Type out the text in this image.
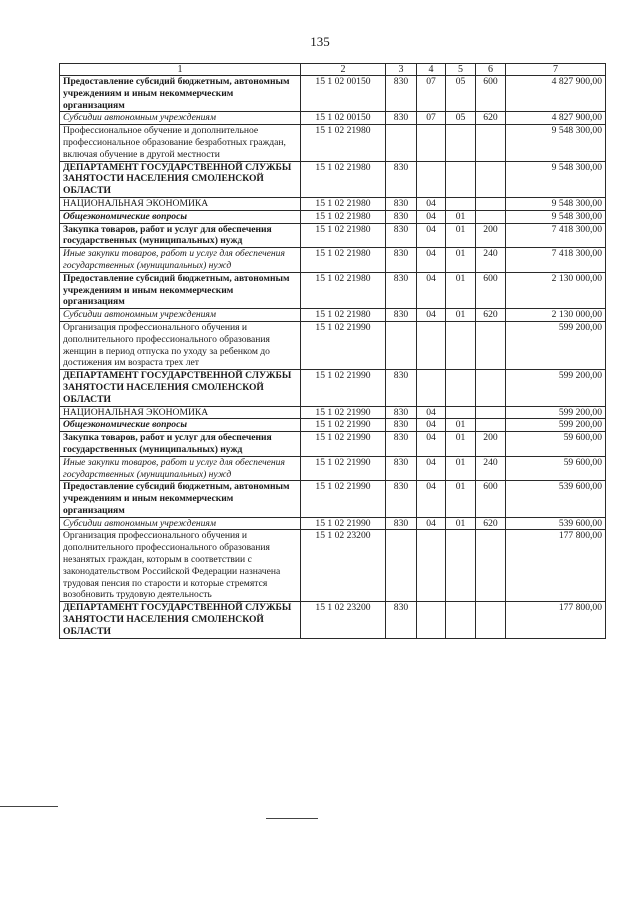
135
1	2	3	4	5	6	7
Предоставление субсидий бюджетным, автономным учреждениям и иным некоммерческим организациям	15 1 02 00150	830	07	05	600	4 827 900,00
Субсидии автономным учреждениям	15 1 02 00150	830	07	05	620	4 827 900,00
Профессиональное обучение и дополнительное профессиональное образование безработных граждан, включая обучение в другой местности	15 1 02 21980					9 548 300,00
ДЕПАРТАМЕНТ ГОСУДАРСТВЕННОЙ СЛУЖБЫ ЗАНЯТОСТИ НАСЕЛЕНИЯ СМОЛЕНСКОЙ ОБЛАСТИ	15 1 02 21980	830				9 548 300,00
НАЦИОНАЛЬНАЯ ЭКОНОМИКА	15 1 02 21980	830	04			9 548 300,00
Общеэкономические вопросы	15 1 02 21980	830	04	01		9 548 300,00
Закупка товаров, работ и услуг для обеспечения государственных (муниципальных) нужд	15 1 02 21980	830	04	01	200	7 418 300,00
Иные закупки товаров, работ и услуг для обеспечения государственных (муниципальных) нужд	15 1 02 21980	830	04	01	240	7 418 300,00
Предоставление субсидий бюджетным, автономным учреждениям и иным некоммерческим организациям	15 1 02 21980	830	04	01	600	2 130 000,00
Субсидии автономным учреждениям	15 1 02 21980	830	04	01	620	2 130 000,00
Организация профессионального обучения и дополнительного профессионального образования женщин в период отпуска по уходу за ребенком до достижения им возраста трех лет	15 1 02 21990					599 200,00
ДЕПАРТАМЕНТ ГОСУДАРСТВЕННОЙ СЛУЖБЫ ЗАНЯТОСТИ НАСЕЛЕНИЯ СМОЛЕНСКОЙ ОБЛАСТИ	15 1 02 21990	830				599 200,00
НАЦИОНАЛЬНАЯ ЭКОНОМИКА	15 1 02 21990	830	04			599 200,00
Общеэкономические вопросы	15 1 02 21990	830	04	01		599 200,00
Закупка товаров, работ и услуг для обеспечения государственных (муниципальных) нужд	15 1 02 21990	830	04	01	200	59 600,00
Иные закупки товаров, работ и услуг для обеспечения государственных (муниципальных) нужд	15 1 02 21990	830	04	01	240	59 600,00
Предоставление субсидий бюджетным, автономным учреждениям и иным некоммерческим организациям	15 1 02 21990	830	04	01	600	539 600,00
Субсидии автономным учреждениям	15 1 02 21990	830	04	01	620	539 600,00
Организация профессионального обучения и дополнительного профессионального образования незанятых граждан, которым в соответствии с законодательством Российской Федерации назначена трудовая пенсия по старости и которые стремятся возобновить трудовую деятельность	15 1 02 23200					177 800,00
ДЕПАРТАМЕНТ ГОСУДАРСТВЕННОЙ СЛУЖБЫ ЗАНЯТОСТИ НАСЕЛЕНИЯ СМОЛЕНСКОЙ ОБЛАСТИ	15 1 02 23200	830				177 800,00
